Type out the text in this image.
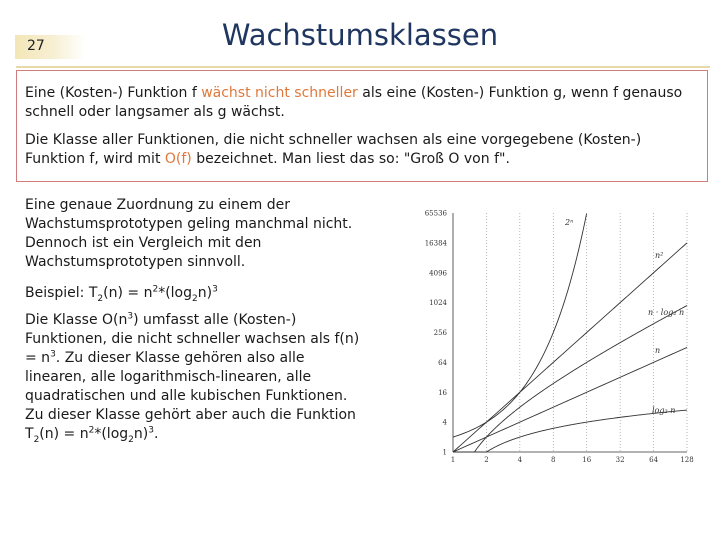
27	Wachstumsklassen
Eine (Kosten-) Funktion f wächst nicht schneller als eine (Kosten-) Funktion g, wenn f genauso
schnell oder langsamer als g wächst.
Die Klasse aller Funktionen, die nicht schneller wachsen als eine vorgegebene (Kosten-)
Funktion f, wird mit O(f) bezeichnet. Man liest das so: "Groß O von f".
Eine genaue Zuordnung zu einem der
Wachstumsprototypen geling manchmal nicht.
Dennoch ist ein Vergleich mit den
Wachstumsprototypen sinnvoll.
Beispiel: $T_2(n) = n^2*(\log_2n)^3$
Die Klasse $O(n^3)$ umfasst alle (Kosten-)
Funktionen, die nicht schneller wachsen als f(n)
= $n^3$. Zu dieser Klasse gehören also alle
linearen, alle logarithmisch-linearen, alle
quadratischen und alle kubischen Funktionen.
Zu dieser Klasse gehört aber auch die Funktion
$T_2(n) = n^2*(\log_2n)^3$.
1
4
16
64
256
1024
4096
16384
65536
1	2	4	8	16	32	64	128
2ⁿ
n²
n · log₂ n
n
log₂ n
